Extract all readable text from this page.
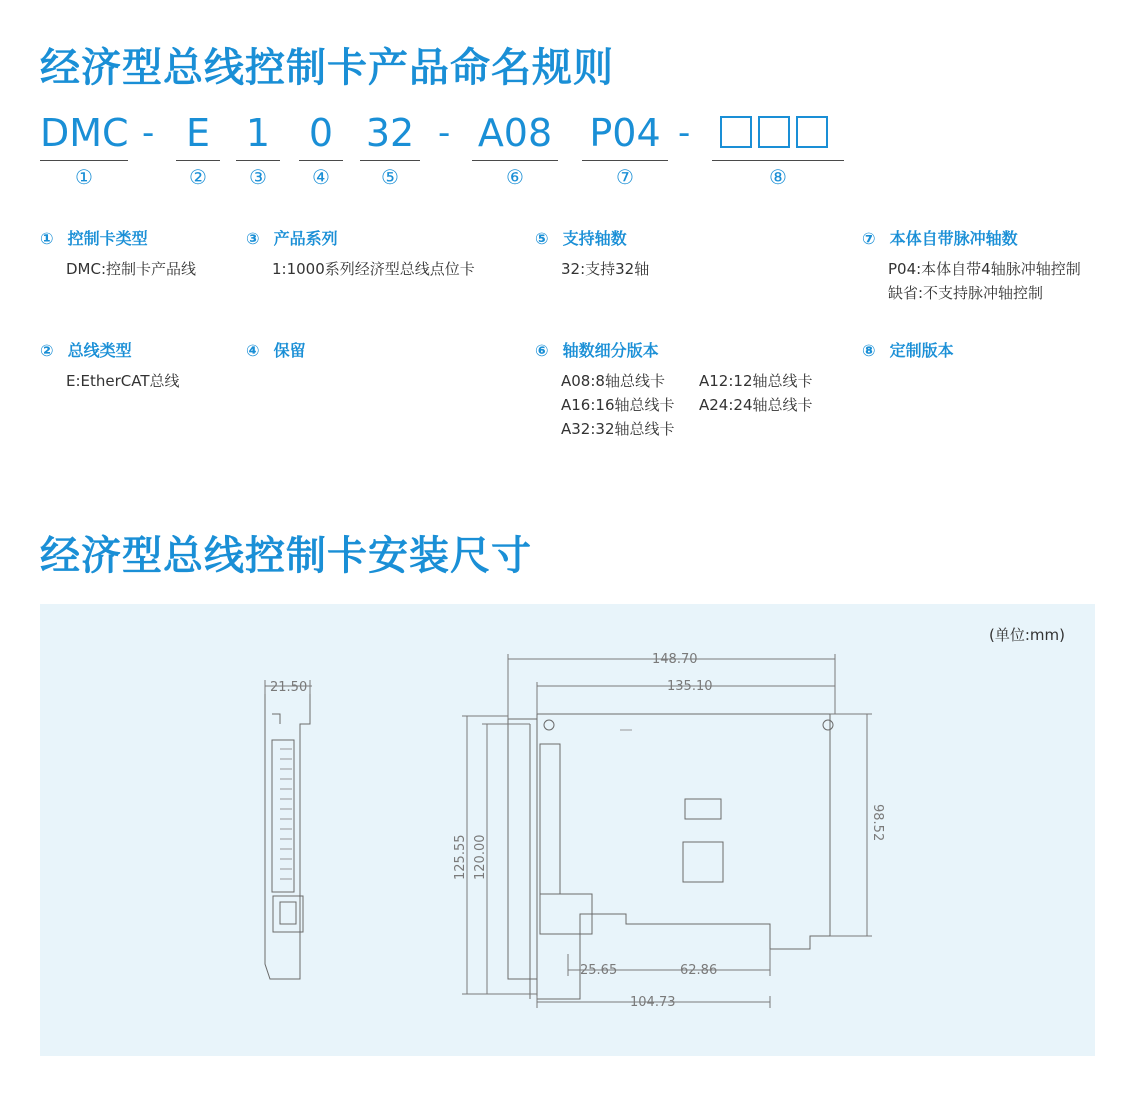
经济型总线控制卡产品命名规则
DMC - E 1 0 32 - A08 P04 -
①	②	③	④	⑤	⑥	⑦	⑧
① 控制卡类型
DMC:控制卡产品线
② 总线类型
E:EtherCAT总线
③ 产品系列
1:1000系列经济型总线点位卡
④ 保留
⑤ 支持轴数
32:支持32轴
⑥ 轴数细分版本
A08:8轴总线卡 A12:12轴总线卡
A16:16轴总线卡 A24:24轴总线卡
A32:32轴总线卡
⑦ 本体自带脉冲轴数
P04:本体自带4轴脉冲轴控制
缺省:不支持脉冲轴控制
⑧ 定制版本
经济型总线控制卡安装尺寸
(单位:mm)
21.50
148.70
135.10
25.65	62.86
104.73
125.55 120.00
98.52
